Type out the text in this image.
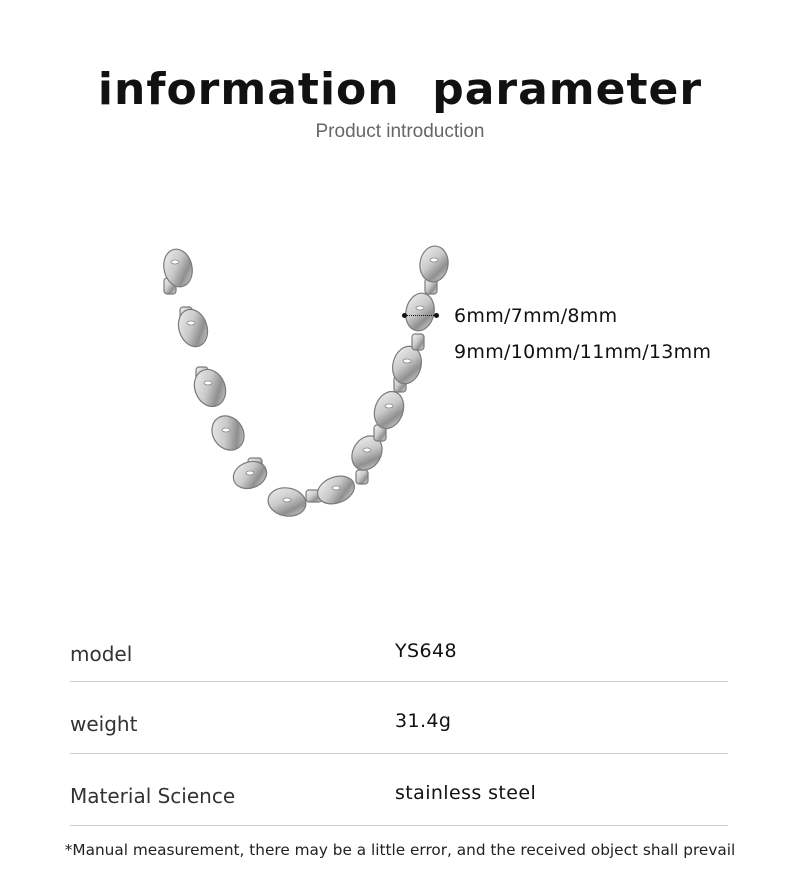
information  parameter
Product introduction
6mm/7mm/8mm
9mm/10mm/11mm/13mm
model	YS648
weight	31.4g
Material Science	stainless steel
*Manual measurement, there may be a little error, and the received object shall prevail
